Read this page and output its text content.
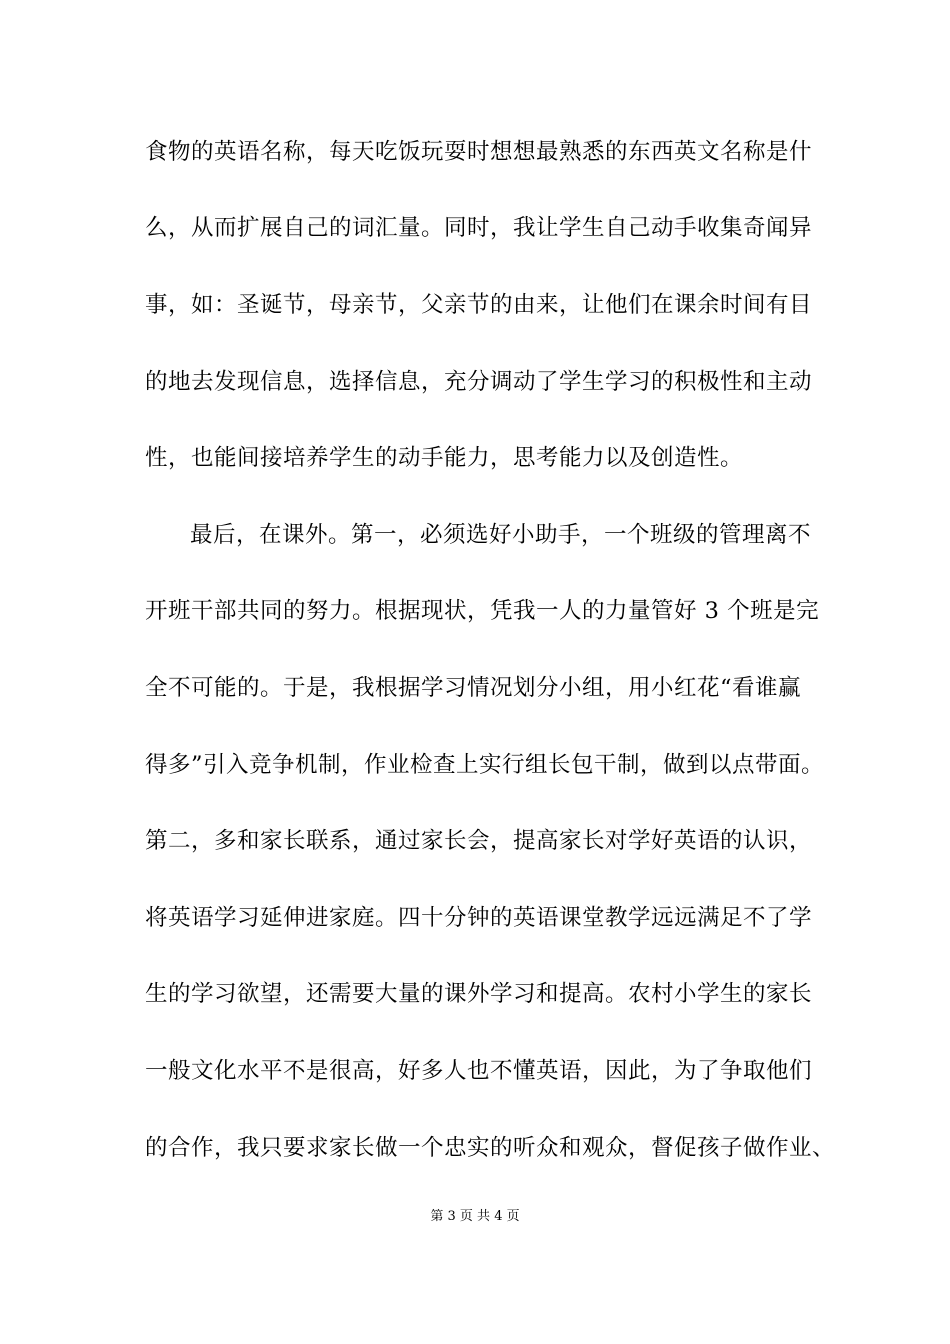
食物的英语名称，每天吃饭玩耍时想想最熟悉的东西英文名称是什
么，从而扩展自己的词汇量。同时，我让学生自己动手收集奇闻异
事，如：圣诞节，母亲节，父亲节的由来，让他们在课余时间有目
的地去发现信息，选择信息，充分调动了学生学习的积极性和主动
性，也能间接培养学生的动手能力，思考能力以及创造性。
最后，在课外。第一，必须选好小助手，一个班级的管理离不
开班干部共同的努力。根据现状，凭我一人的力量管好 3 个班是完
全不可能的。于是，我根据学习情况划分小组，用小红花“看谁赢
得多”引入竞争机制，作业检查上实行组长包干制，做到以点带面。
第二，多和家长联系，通过家长会，提高家长对学好英语的认识，
将英语学习延伸进家庭。四十分钟的英语课堂教学远远满足不了学
生的学习欲望，还需要大量的课外学习和提高。农村小学生的家长
一般文化水平不是很高，好多人也不懂英语，因此，为了争取他们
的合作，我只要求家长做一个忠实的听众和观众，督促孩子做作业、
第 3 页 共 4 页
